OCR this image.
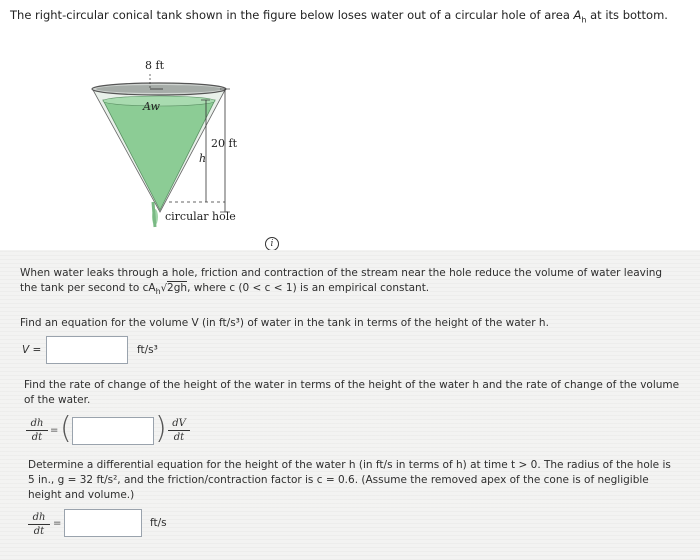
The right-circular conical tank shown in the figure below loses water out of a circular hole of area $A_h$ at its bottom.
8 ft
Aw
20 ft
h
circular hole
i
When water leaks through a hole, friction and contraction of the stream near the hole reduce the volume of water leaving
the tank per second to $cA_h√2gh$, where c (0 < c < 1) is an empirical constant.
Find an equation for the volume V (in ft/s³) of water in the tank in terms of the height of the water h.
V =	ft/s³
Find the rate of change of the height of the water in terms of the height of the water h and the rate of change of the volume
of the water.
$\frac{dh}{dt}$ = (	) $\frac{dV}{dt}$
Determine a differential equation for the height of the water h (in ft/s in terms of h) at time t > 0. The radius of the hole is
5 in., g = 32 ft/s², and the friction/contraction factor is c = 0.6. (Assume the removed apex of the cone is of negligible
height and volume.)
$\frac{dh}{dt}$ =	ft/s
